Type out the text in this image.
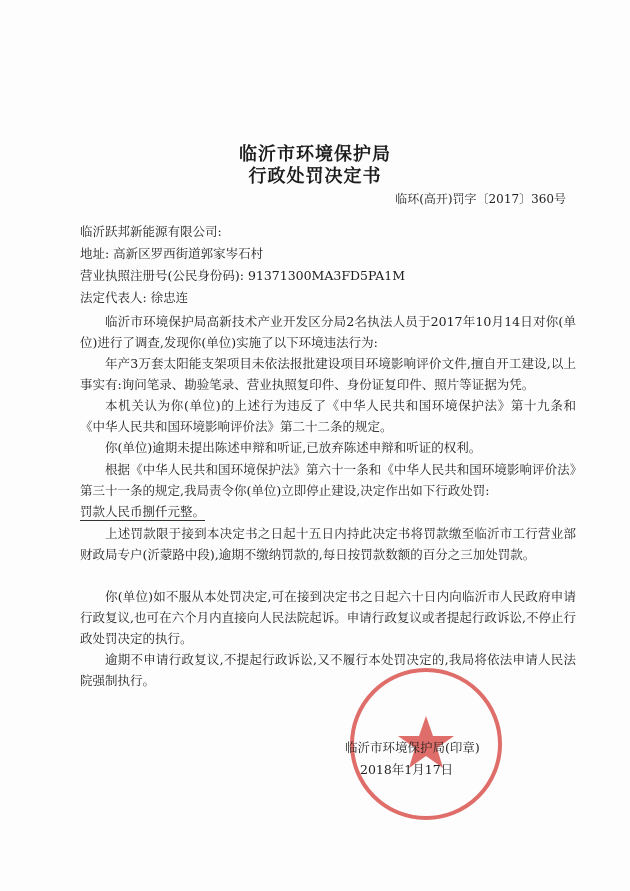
临沂市环境保护局
行政处罚决定书
临环(高开)罚字〔2017〕360号
临沂跃邦新能源有限公司:
地址: 高新区罗西街道郭家岑石村
营业执照注册号(公民身份码): 91371300MA3FD5PA1M
法定代表人: 徐忠连
临沂市环境保护局高新技术产业开发区分局2名执法人员于2017年10月14日对你(单位)进行了调查,发现你(单位)实施了以下环境违法行为:
年产3万套太阳能支架项目未依法报批建设项目环境影响评价文件,擅自开工建设,以上事实有:询问笔录、勘验笔录、营业执照复印件、身份证复印件、照片等证据为凭。
本机关认为你(单位)的上述行为违反了《中华人民共和国环境保护法》第十九条和《中华人民共和国环境影响评价法》第二十二条的规定。
你(单位)逾期未提出陈述申辩和听证,已放弃陈述申辩和听证的权利。
根据《中华人民共和国环境保护法》第六十一条和《中华人民共和国环境影响评价法》第三十一条的规定,我局责令你(单位)立即停止建设,决定作出如下行政处罚:
罚款人民币捌仟元整。
上述罚款限于接到本决定书之日起十五日内持此决定书将罚款缴至临沂市工行营业部财政局专户(沂蒙路中段),逾期不缴纳罚款的,每日按罚款数额的百分之三加处罚款。
你(单位)如不服从本处罚决定,可在接到决定书之日起六十日内向临沂市人民政府申请行政复议,也可在六个月内直接向人民法院起诉。申请行政复议或者提起行政诉讼,不停止行政处罚决定的执行。
逾期不申请行政复议,不提起行政诉讼,又不履行本处罚决定的,我局将依法申请人民法院强制执行。
临沂市环境保护局(印章)
2018年1月17日
